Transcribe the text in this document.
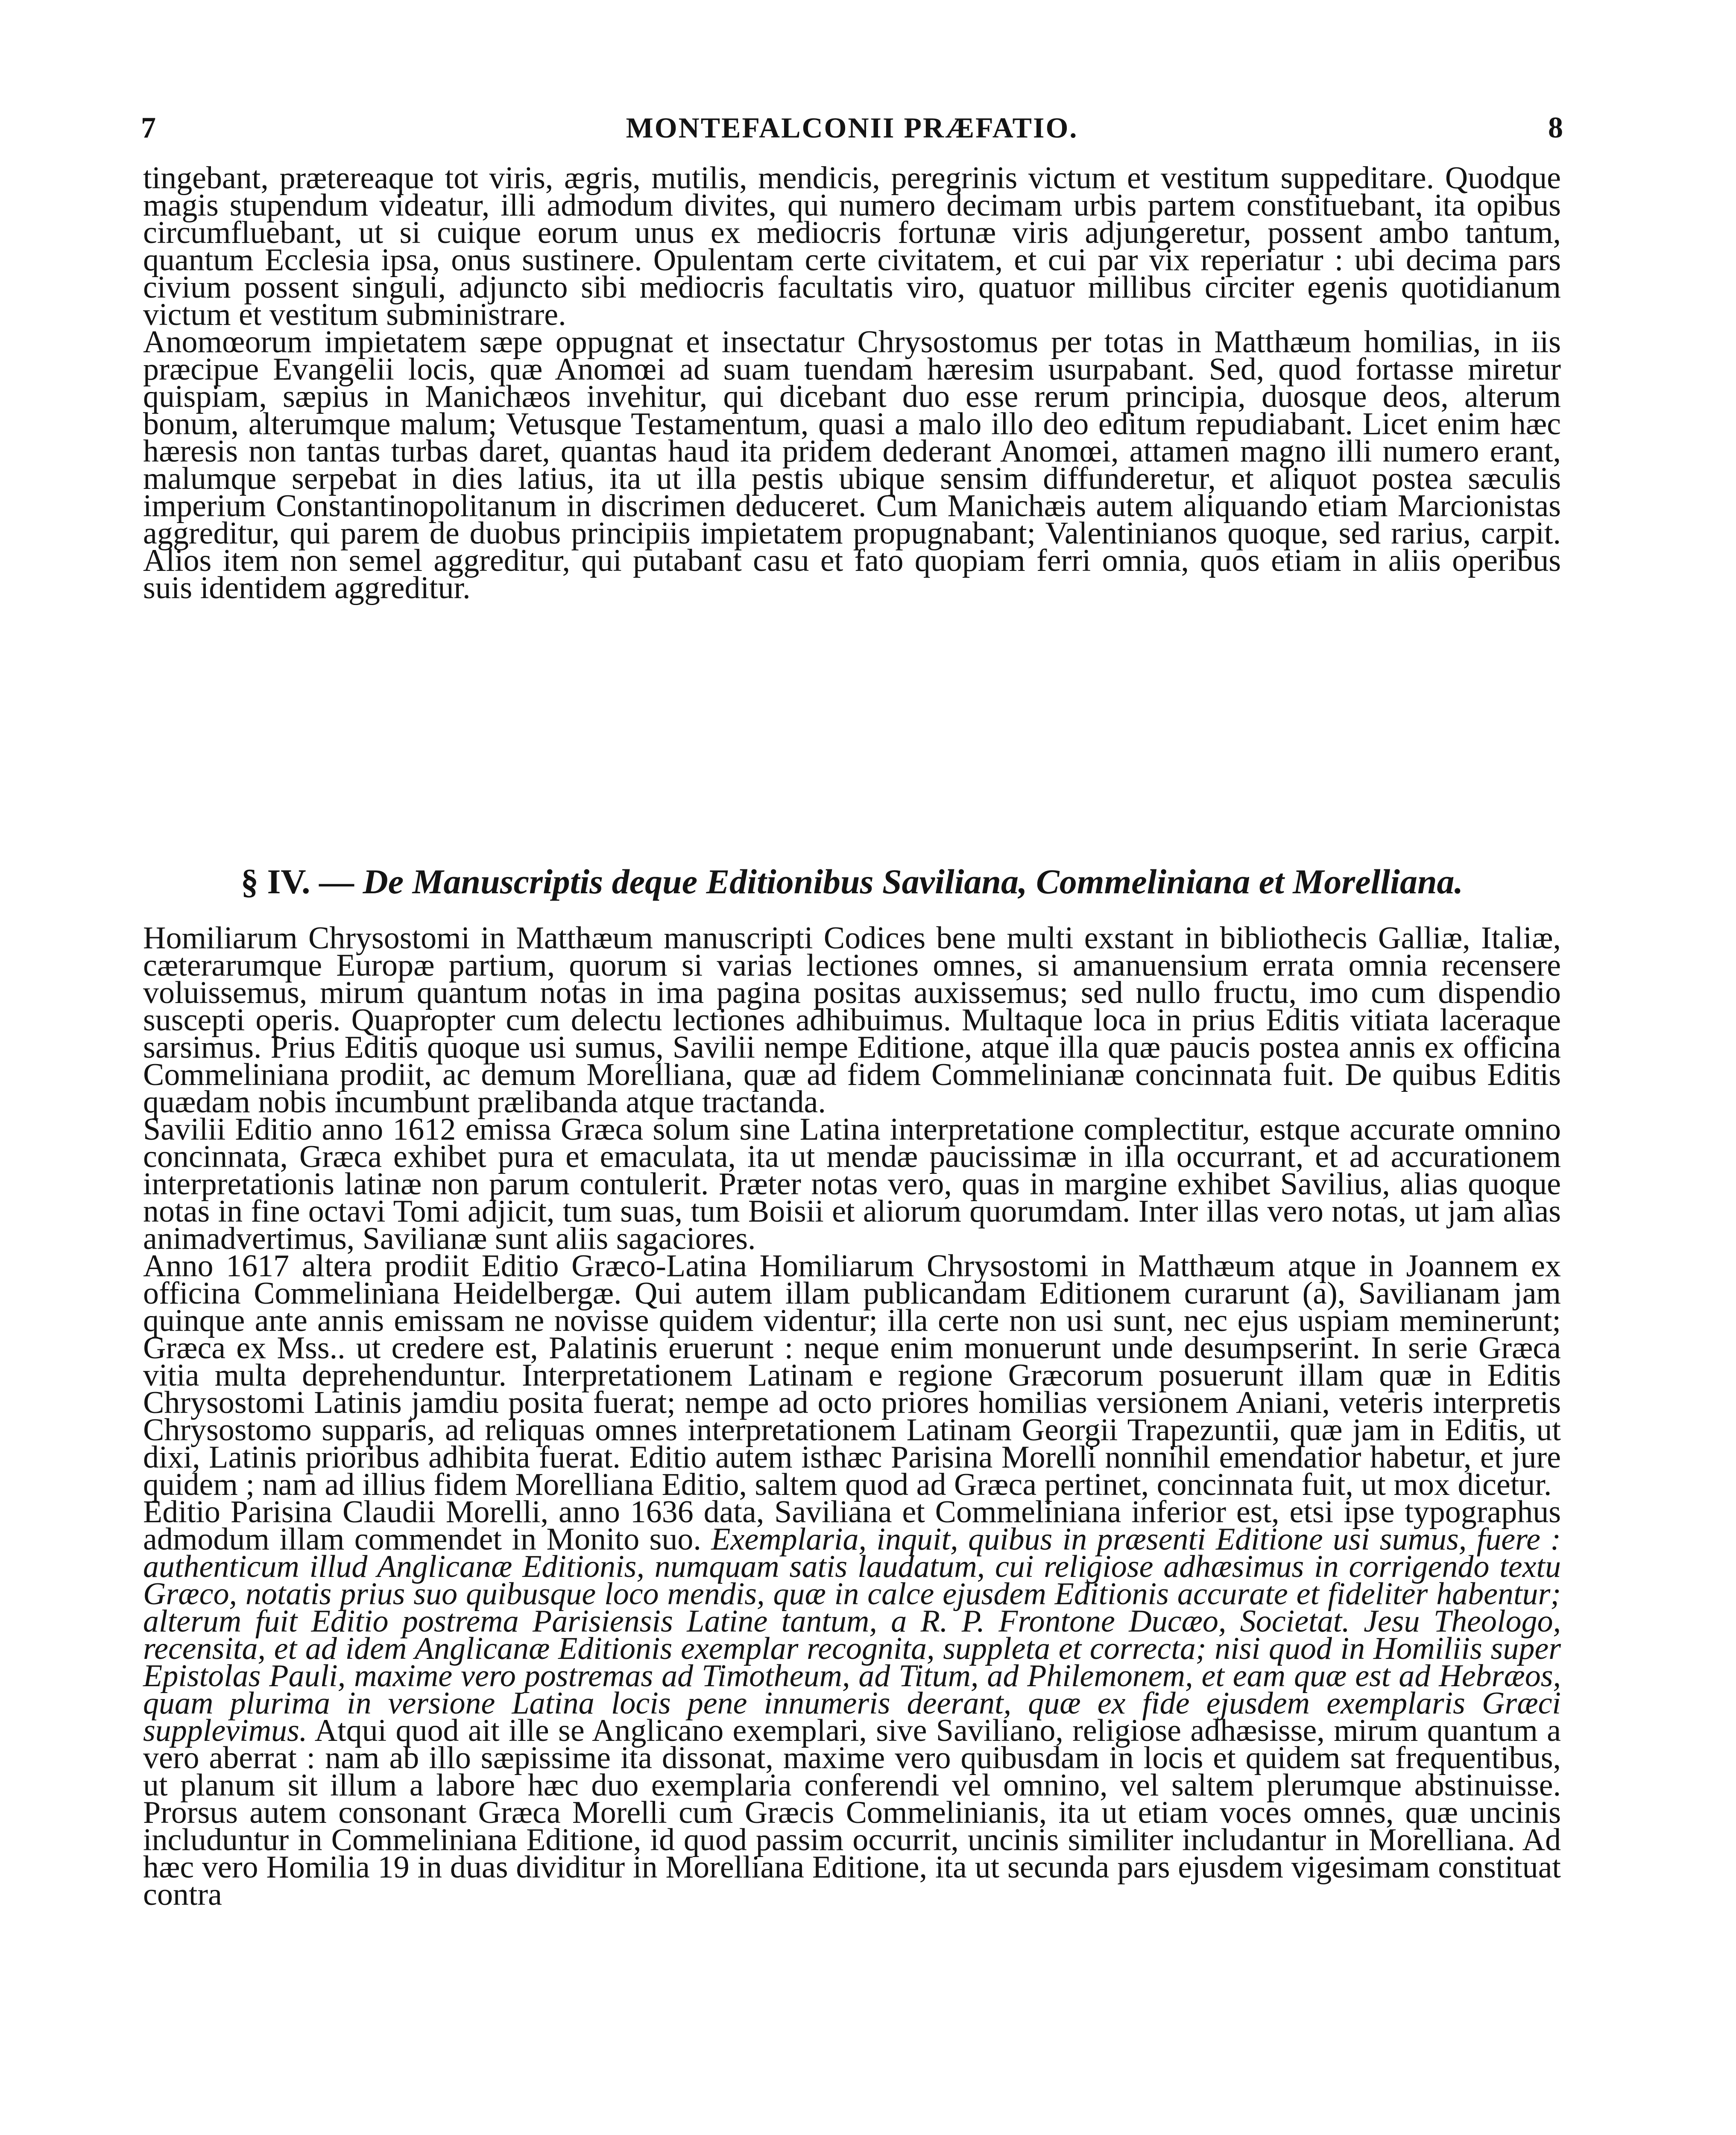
7	MONTEFALCONII PRÆFATIO.	8

tingebant, prætereaque tot viris, ægris, mutilis, mendicis, peregrinis victum et vestitum suppeditare. Quodque magis stupendum videatur, illi admodum divites, qui numero decimam urbis partem constituebant, ita opibus circumfluebant, ut si cuique eorum unus ex mediocris fortunæ viris adjungeretur, possent ambo tantum, quantum Ecclesia ipsa, onus sustinere. Opulentam certe civitatem, et cui par vix reperiatur : ubi decima pars civium possent singuli, adjuncto sibi mediocris facultatis viro, quatuor millibus circiter egenis quotidianum victum et vestitum subministrare.

Anomœorum impietatem sæpe oppugnat et insectatur Chrysostomus per totas in Matthæum homilias, in iis præcipue Evangelii locis, quæ Anomœi ad suam tuendam hæresim usurpabant. Sed, quod fortasse miretur quispiam, sæpius in Manichæos invehitur, qui dicebant duo esse rerum principia, duosque deos, alterum bonum, alterumque malum; Vetusque Testamentum, quasi a malo illo deo editum repudiabant. Licet enim hæc hæresis non tantas turbas daret, quantas haud ita pridem dederant Anomœi, attamen magno illi numero erant, malumque serpebat in dies latius, ita ut illa pestis ubique sensim diffunderetur, et aliquot postea sæculis imperium Constantinopolitanum in discrimen deduceret. Cum Manichæis autem aliquando etiam Marcionistas aggreditur, qui parem de duobus principiis impietatem propugnabant; Valentinianos quoque, sed rarius, carpit. Alios item non semel aggreditur, qui putabant casu et fato quopiam ferri omnia, quos etiam in aliis operibus suis identidem aggreditur.

§ IV. — De Manuscriptis deque Editionibus Saviliana, Commeliniana et Morelliana.

Homiliarum Chrysostomi in Matthæum manuscripti Codices bene multi exstant in bibliothecis Galliæ, Italiæ, cæterarumque Europæ partium, quorum si varias lectiones omnes, si amanuensium errata omnia recensere voluissemus, mirum quantum notas in ima pagina positas auxissemus; sed nullo fructu, imo cum dispendio suscepti operis. Quapropter cum delectu lectiones adhibuimus. Multaque loca in prius Editis vitiata laceraque sarsimus. Prius Editis quoque usi sumus, Savilii nempe Editione, atque illa quæ paucis postea annis ex officina Commeliniana prodiit, ac demum Morelliana, quæ ad fidem Commelinianæ concinnata fuit. De quibus Editis quædam nobis incumbunt prælibanda atque tractanda.

Savilii Editio anno 1612 emissa Græca solum sine Latina interpretatione complectitur, estque accurate omnino concinnata, Græca exhibet pura et emaculata, ita ut mendæ paucissimæ in illa occurrant, et ad accurationem interpretationis latinæ non parum contulerit. Præter notas vero, quas in margine exhibet Savilius, alias quoque notas in fine octavi Tomi adjicit, tum suas, tum Boisii et aliorum quorumdam. Inter illas vero notas, ut jam alias animadvertimus, Savilianæ sunt aliis sagaciores.

Anno 1617 altera prodiit Editio Græco-Latina Homiliarum Chrysostomi in Matthæum atque in Joannem ex officina Commeliniana Heidelbergæ. Qui autem illam publicandam Editionem curarunt (a), Savilianam jam quinque ante annis emissam ne novisse quidem videntur; illa certe non usi sunt, nec ejus uspiam meminerunt; Græca ex Mss.. ut credere est, Palatinis eruerunt : neque enim monuerunt unde desumpserint. In serie Græca vitia multa deprehenduntur. Interpretationem Latinam e regione Græcorum posuerunt illam quæ in Editis Chrysostomi Latinis jamdiu posita fuerat; nempe ad octo priores homilias versionem Aniani, veteris interpretis Chrysostomo supparis, ad reliquas omnes interpretationem Latinam Georgii Trapezuntii, quæ jam in Editis, ut dixi, Latinis prioribus adhibita fuerat. Editio autem isthæc Parisina Morelli nonnihil emendatior habetur, et jure quidem ; nam ad illius fidem Morelliana Editio, saltem quod ad Græca pertinet, concinnata fuit, ut mox dicetur.

Editio Parisina Claudii Morelli, anno 1636 data, Saviliana et Commeliniana inferior est, etsi ipse typographus admodum illam commendet in Monito suo. Exemplaria, inquit, quibus in præsenti Editione usi sumus, fuere : authenticum illud Anglicanæ Editionis, numquam satis laudatum, cui religiose adhæsimus in corrigendo textu Græco, notatis prius suo quibusque loco mendis, quæ in calce ejusdem Editionis accurate et fideliter habentur; alterum fuit Editio postrema Parisiensis Latine tantum, a R. P. Frontone Ducæo, Societat. Jesu Theologo, recensita, et ad idem Anglicanæ Editionis exemplar recognita, suppleta et correcta; nisi quod in Homiliis super Epistolas Pauli, maxime vero postremas ad Timotheum, ad Titum, ad Philemonem, et eam quæ est ad Hebræos, quam plurima in versione Latina locis pene innumeris deerant, quæ ex fide ejusdem exemplaris Græci supplevimus. Atqui quod ait ille se Anglicano exemplari, sive Saviliano, religiose adhæsisse, mirum quantum a vero aberrat : nam ab illo sæpissime ita dissonat, maxime vero quibusdam in locis et quidem sat frequentibus, ut planum sit illum a labore hæc duo exemplaria conferendi vel omnino, vel saltem plerumque abstinuisse. Prorsus autem consonant Græca Morelli cum Græcis Commelinianis, ita ut etiam voces omnes, quæ uncinis includuntur in Commeliniana Editione, id quod passim occurrit, uncinis similiter includantur in Morelliana. Ad hæc vero Homilia 19 in duas dividitur in Morelliana Editione, ita ut secunda pars ejusdem vigesimam constituat contra
